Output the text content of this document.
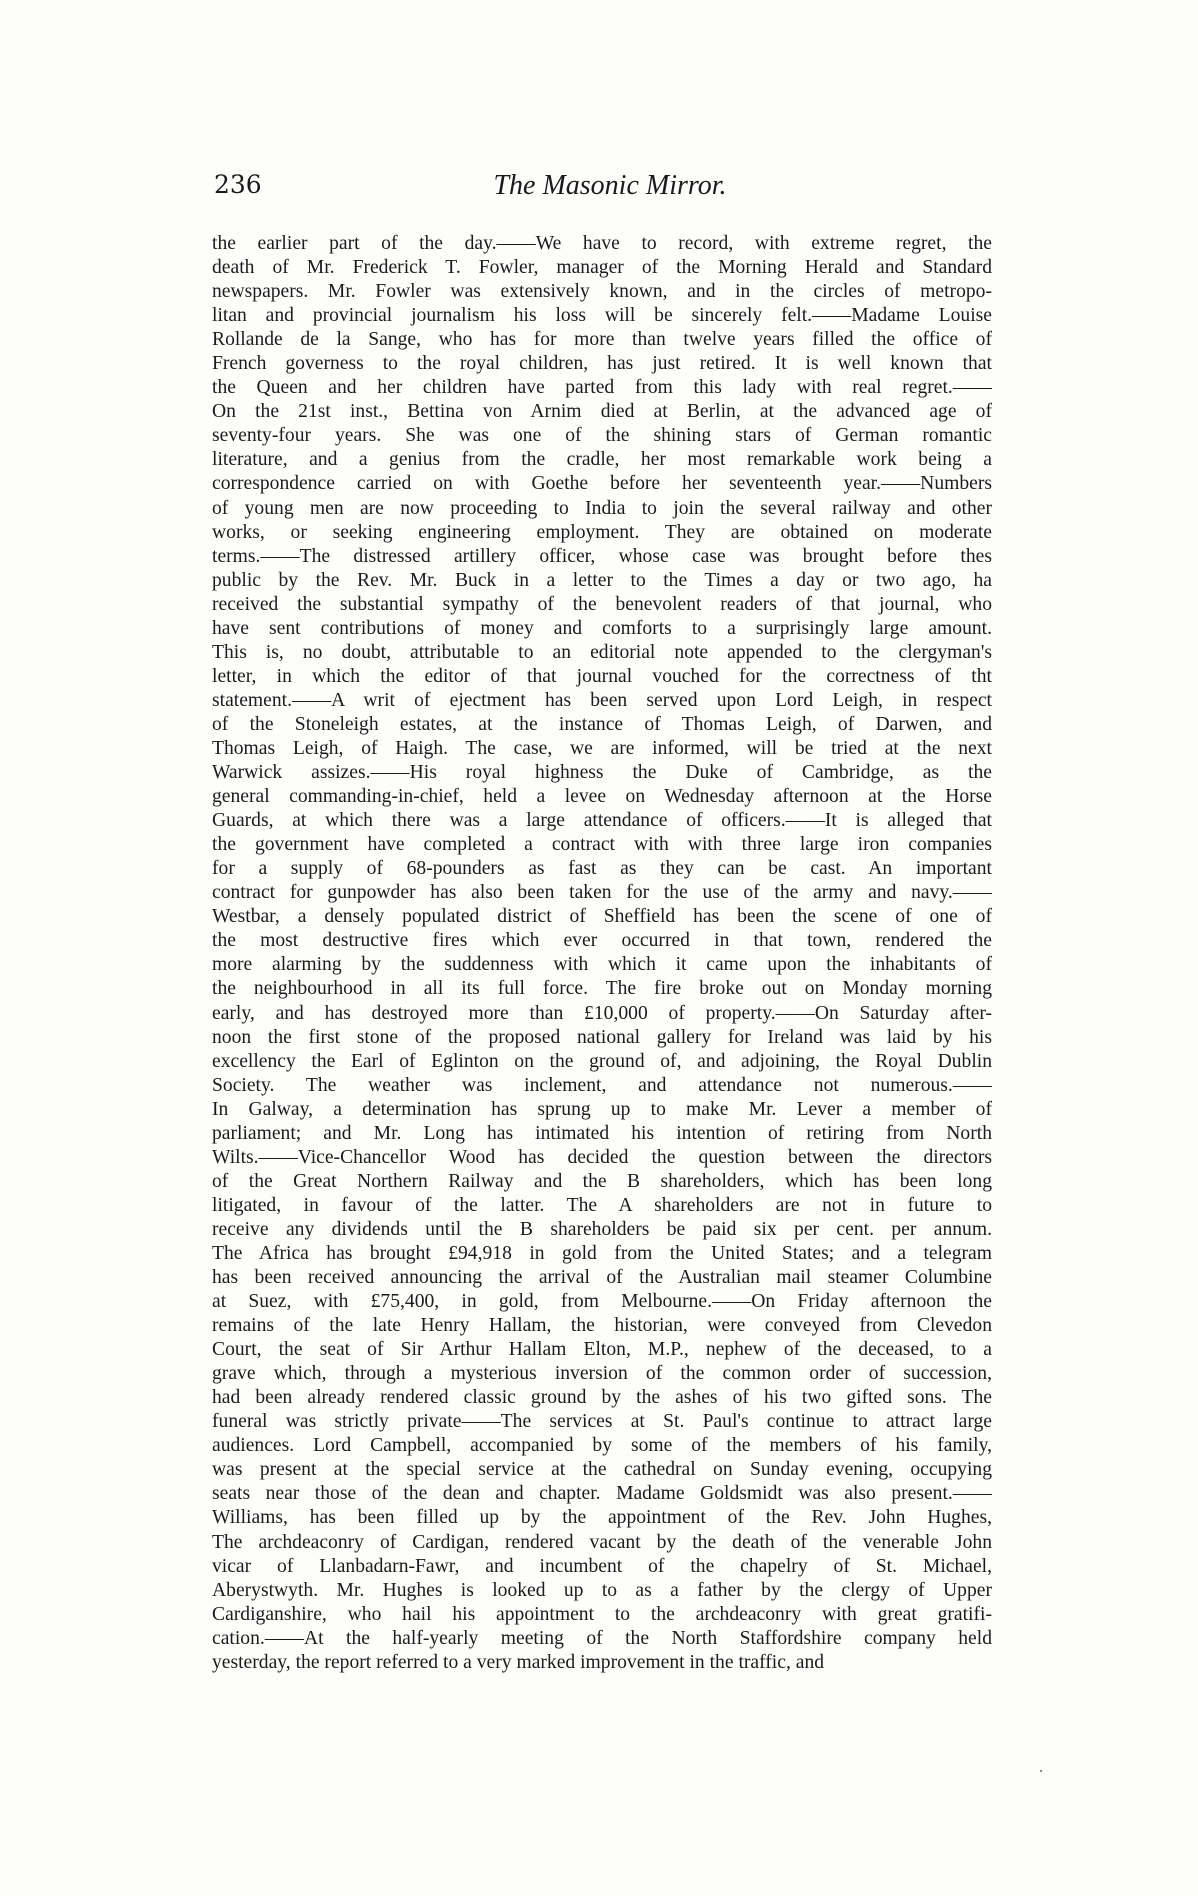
236	The Masonic Mirror.
the earlier part of the day.——We have to record, with extreme regret, the
death of Mr. Frederick T. Fowler, manager of the Morning Herald and Standard
newspapers. Mr. Fowler was extensively known, and in the circles of metropo-
litan and provincial journalism his loss will be sincerely felt.——Madame Louise
Rollande de la Sange, who has for more than twelve years filled the office of
French governess to the royal children, has just retired. It is well known that
the Queen and her children have parted from this lady with real regret.——
On the 21st inst., Bettina von Arnim died at Berlin, at the advanced age of
seventy-four years. She was one of the shining stars of German romantic
literature, and a genius from the cradle, her most remarkable work being a
correspondence carried on with Goethe before her seventeenth year.——Numbers
of young men are now proceeding to India to join the several railway and other
works, or seeking engineering employment. They are obtained on moderate
terms.——The distressed artillery officer, whose case was brought before thes
public by the Rev. Mr. Buck in a letter to the Times a day or two ago, ha
received the substantial sympathy of the benevolent readers of that journal, who
have sent contributions of money and comforts to a surprisingly large amount.
This is, no doubt, attributable to an editorial note appended to the clergyman's
letter, in which the editor of that journal vouched for the correctness of tht
statement.——A writ of ejectment has been served upon Lord Leigh, in respect
of the Stoneleigh estates, at the instance of Thomas Leigh, of Darwen, and
Thomas Leigh, of Haigh. The case, we are informed, will be tried at the next
Warwick assizes.——His royal highness the Duke of Cambridge, as the
general commanding-in-chief, held a levee on Wednesday afternoon at the Horse
Guards, at which there was a large attendance of officers.——It is alleged that
the government have completed a contract with with three large iron companies
for a supply of 68-pounders as fast as they can be cast. An important
contract for gunpowder has also been taken for the use of the army and navy.——
Westbar, a densely populated district of Sheffield has been the scene of one of
the most destructive fires which ever occurred in that town, rendered the
more alarming by the suddenness with which it came upon the inhabitants of
the neighbourhood in all its full force. The fire broke out on Monday morning
early, and has destroyed more than £10,000 of property.——On Saturday after-
noon the first stone of the proposed national gallery for Ireland was laid by his
excellency the Earl of Eglinton on the ground of, and adjoining, the Royal Dublin
Society. The weather was inclement, and attendance not numerous.——
In Galway, a determination has sprung up to make Mr. Lever a member of
parliament; and Mr. Long has intimated his intention of retiring from North
Wilts.——Vice-Chancellor Wood has decided the question between the directors
of the Great Northern Railway and the B shareholders, which has been long
litigated, in favour of the latter. The A shareholders are not in future to
receive any dividends until the B shareholders be paid six per cent. per annum.
The Africa has brought £94,918 in gold from the United States; and a telegram
has been received announcing the arrival of the Australian mail steamer Columbine
at Suez, with £75,400, in gold, from Melbourne.——On Friday afternoon the
remains of the late Henry Hallam, the historian, were conveyed from Clevedon
Court, the seat of Sir Arthur Hallam Elton, M.P., nephew of the deceased, to a
grave which, through a mysterious inversion of the common order of succession,
had been already rendered classic ground by the ashes of his two gifted sons. The
funeral was strictly private——The services at St. Paul's continue to attract large
audiences. Lord Campbell, accompanied by some of the members of his family,
was present at the special service at the cathedral on Sunday evening, occupying
seats near those of the dean and chapter. Madame Goldsmidt was also present.——
Williams, has been filled up by the appointment of the Rev. John Hughes,
The archdeaconry of Cardigan, rendered vacant by the death of the venerable John
vicar of Llanbadarn-Fawr, and incumbent of the chapelry of St. Michael,
Aberystwyth. Mr. Hughes is looked up to as a father by the clergy of Upper
Cardiganshire, who hail his appointment to the archdeaconry with great gratifi-
cation.——At the half-yearly meeting of the North Staffordshire company held
yesterday, the report referred to a very marked improvement in the traffic, and
